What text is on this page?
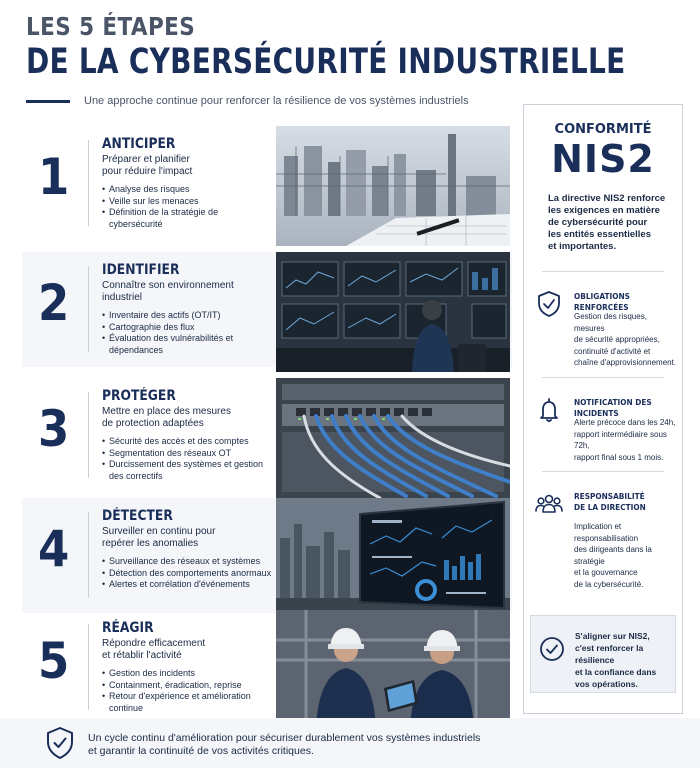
LES 5 ÉTAPES
DE LA CYBERSÉCURITÉ INDUSTRIELLE
Une approche continue pour renforcer la résilience de vos systèmes industriels
1
ANTICIPER
Préparer et planifier
pour réduire l'impact
• Analyse des risques
• Veille sur les menaces
• Définition de la stratégie de cybersécurité
2
IDENTIFIER
Connaître son environnement
industriel
• Inventaire des actifs (OT/IT)
• Cartographie des flux
• Évaluation des vulnérabilités et dépendances
3
PROTÉGER
Mettre en place des mesures
de protection adaptées
• Sécurité des accès et des comptes
• Segmentation des réseaux OT
• Durcissement des systèmes et gestion des correctifs
4
DÉTECTER
Surveiller en continu pour
repérer les anomalies
• Surveillance des réseaux et systèmes
• Détection des comportements anormaux
• Alertes et corrélation d'événements
5
RÉAGIR
Répondre efficacement
et rétablir l'activité
• Gestion des incidents
• Containment, éradication, reprise
• Retour d'expérience et amélioration continue
CONFORMITÉ
NIS2
La directive NIS2 renforce
les exigences en matière
de cybersécurité pour
les entités essentielles
et importantes.
OBLIGATIONS RENFORCÉES
Gestion des risques, mesures
de sécurité appropriées,
continuité d'activité et
chaîne d'approvisionnement.
NOTIFICATION DES INCIDENTS
Alerte précoce dans les 24h,
rapport intermédiaire sous 72h,
rapport final sous 1 mois.
RESPONSABILITÉ
DE LA DIRECTION
Implication et responsabilisation
des dirigeants dans la stratégie
et la gouvernance
de la cybersécurité.
S'aligner sur NIS2,
c'est renforcer la résilience
et la confiance dans
vos opérations.
Un cycle continu d'amélioration pour sécuriser durablement vos systèmes industriels
et garantir la continuité de vos activités critiques.
